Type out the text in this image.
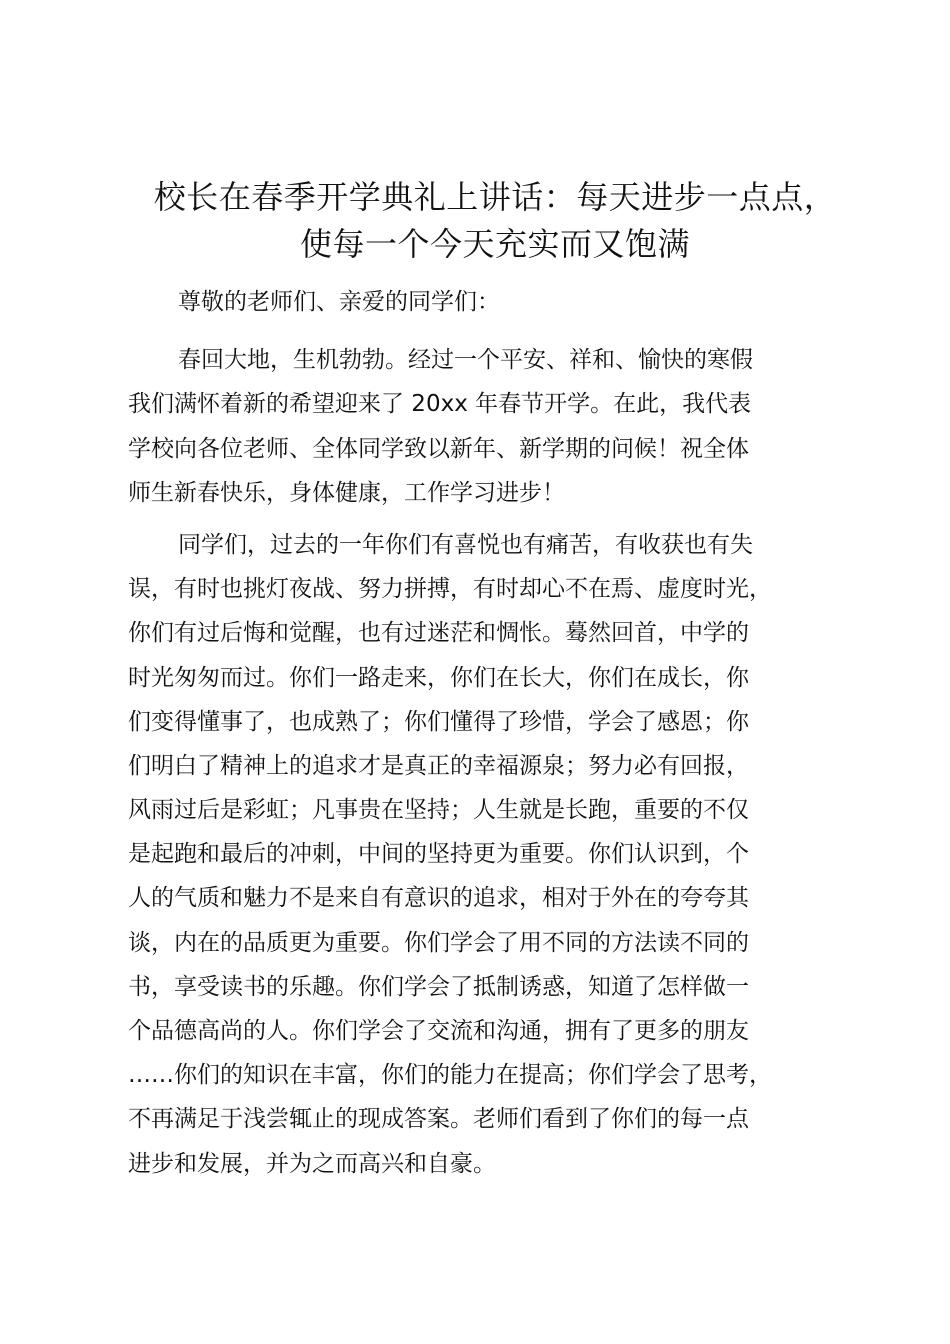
校长在春季开学典礼上讲话：每天进步一点点，
使每一个今天充实而又饱满

尊敬的老师们、亲爱的同学们：

春回大地，生机勃勃。经过一个平安、祥和、愉快的寒假
我们满怀着新的希望迎来了 20xx 年春节开学。在此，我代表
学校向各位老师、全体同学致以新年、新学期的问候！祝全体
师生新春快乐，身体健康，工作学习进步！

同学们，过去的一年你们有喜悦也有痛苦，有收获也有失
误，有时也挑灯夜战、努力拼搏，有时却心不在焉、虚度时光，
你们有过后悔和觉醒，也有过迷茫和惆怅。蓦然回首，中学的
时光匆匆而过。你们一路走来，你们在长大，你们在成长，你
们变得懂事了，也成熟了；你们懂得了珍惜，学会了感恩；你
们明白了精神上的追求才是真正的幸福源泉；努力必有回报，
风雨过后是彩虹；凡事贵在坚持；人生就是长跑，重要的不仅
是起跑和最后的冲刺，中间的坚持更为重要。你们认识到，个
人的气质和魅力不是来自有意识的追求，相对于外在的夸夸其
谈，内在的品质更为重要。你们学会了用不同的方法读不同的
书，享受读书的乐趣。你们学会了抵制诱惑，知道了怎样做一
个品德高尚的人。你们学会了交流和沟通，拥有了更多的朋友
……你们的知识在丰富，你们的能力在提高；你们学会了思考，
不再满足于浅尝辄止的现成答案。老师们看到了你们的每一点
进步和发展，并为之而高兴和自豪。
